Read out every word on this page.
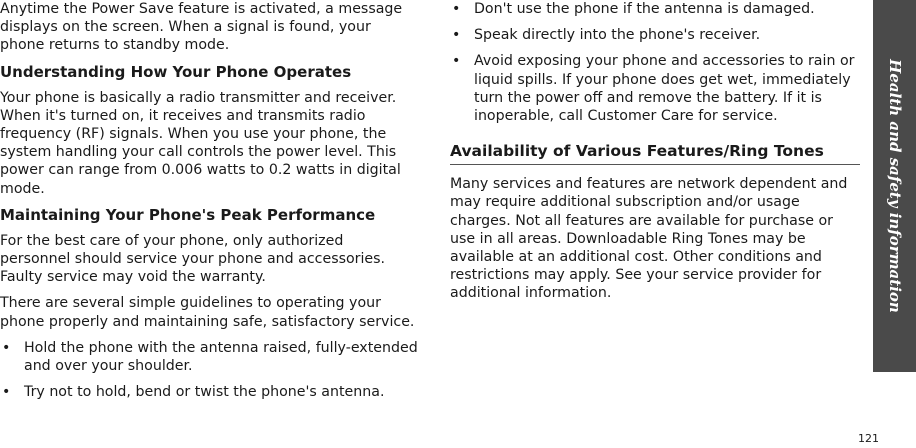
Anytime the Power Save feature is activated, a message displays on the screen. When a signal is found, your phone returns to standby mode.

Understanding How Your Phone Operates

Your phone is basically a radio transmitter and receiver. When it's turned on, it receives and transmits radio frequency (RF) signals. When you use your phone, the system handling your call controls the power level. This power can range from 0.006 watts to 0.2 watts in digital mode.

Maintaining Your Phone's Peak Performance

For the best care of your phone, only authorized personnel should service your phone and accessories. Faulty service may void the warranty.

There are several simple guidelines to operating your phone properly and maintaining safe, satisfactory service.

• Hold the phone with the antenna raised, fully-extended and over your shoulder.
• Try not to hold, bend or twist the phone's antenna.
• Don't use the phone if the antenna is damaged.
• Speak directly into the phone's receiver.
• Avoid exposing your phone and accessories to rain or liquid spills. If your phone does get wet, immediately turn the power off and remove the battery. If it is inoperable, call Customer Care for service.

Availability of Various Features/Ring Tones

Many services and features are network dependent and may require additional subscription and/or usage charges. Not all features are available for purchase or use in all areas. Downloadable Ring Tones may be available at an additional cost. Other conditions and restrictions may apply. See your service provider for additional information.	Health and safety information
121
